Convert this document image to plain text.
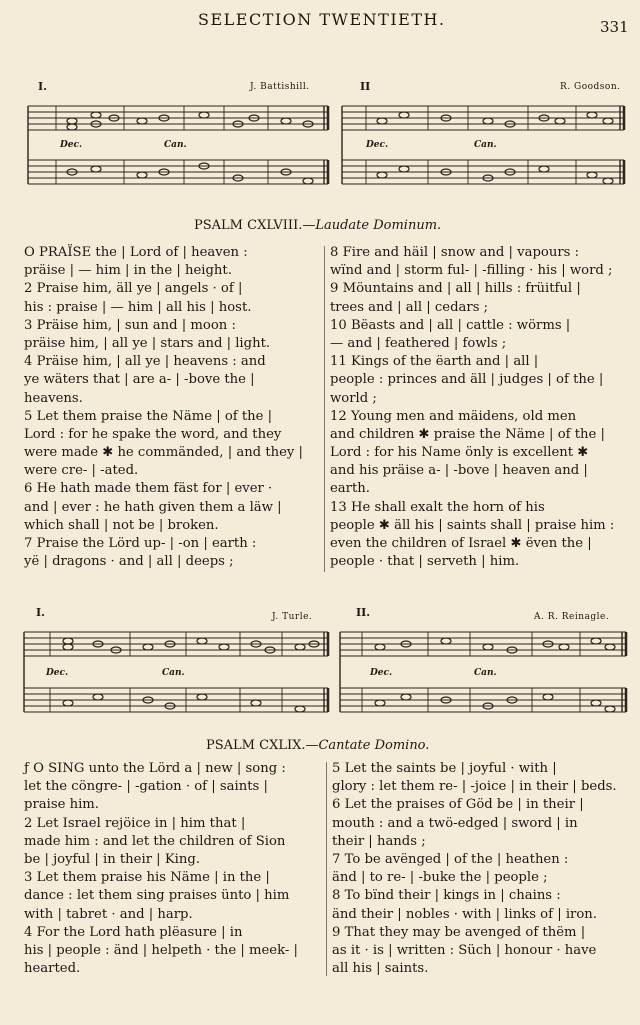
SELECTION TWENTIETH.	331
I.	J. Battishill.	II	R. Goodson.
Dec.	Can.	Dec.	Can.
PSALM CXLVIII.—Laudate Dominum.
O PRAÏSE the | Lord of | heaven :
präise | — him | in the | height.
2 Praise him, äll ye | angels · of |
his : praise | — him | all his | host.
3 Präise him, | sun and | moon :
präise him, | all ye | stars and | light.
4 Präise him, | all ye | heavens : and
ye wäters that | are a- | -bove the |
heavens.
5 Let them praise the Näme | of the |
Lord : for he spake the word, and they
were made ✱ he commänded, | and they |
were cre- | -ated.
6 He hath made them fäst for | ever ·
and | ever : he hath given them a läw |
which shall | not be | broken.
7 Praise the Lörd up- | -on | earth :
yë | dragons · and | all | deeps ;
8 Fire and häil | snow and | vapours :
wïnd and | storm ful- | -filling · his | word ;
9 Möuntains and | all | hills : früitful |
trees and | all | cedars ;
10 Bëasts and | all | cattle : wörms |
— and | feathered | fowls ;
11 Kings of the ëarth and | all |
people : princes and äll | judges | of the |
world ;
12 Young men and mäidens, old men
and children ✱ praise the Näme | of the |
Lord : for his Name önly is excellent ✱
and his präise a- | -bove | heaven and |
earth.
13 He shall exalt the horn of his
people ✱ äll his | saints shall | praise him :
even the children of Israel ✱ ëven the |
people · that | serveth | him.
I.	J. Turle.	II.	A. R. Reinagle.
Dec.	Can.	Dec.	Can.
PSALM CXLIX.—Cantate Domino.
ƒ O SING unto the Lörd a | new | song :
let the cöngre- | -gation · of | saints |
praise him.
2 Let Israel rejöice in | him that |
made him : and let the children of Sion
be | joyful | in their | King.
3 Let them praise his Näme | in the |
dance : let them sing praises ünto | him
with | tabret · and | harp.
4 For the Lord hath plëasure | in
his | people : änd | helpeth · the | meek- |
hearted.
5 Let the saints be | joyful · with |
glory : let them re- | -joice | in their | beds.
6 Let the praises of Göd be | in their |
mouth : and a twö-edged | sword | in
their | hands ;
7 To be avënged | of the | heathen :
änd | to re- | -buke the | people ;
8 To bïnd their | kings in | chains :
änd their | nobles · with | links of | iron.
9 That they may be avenged of thëm |
as it · is | written : Süch | honour · have
all his | saints.
